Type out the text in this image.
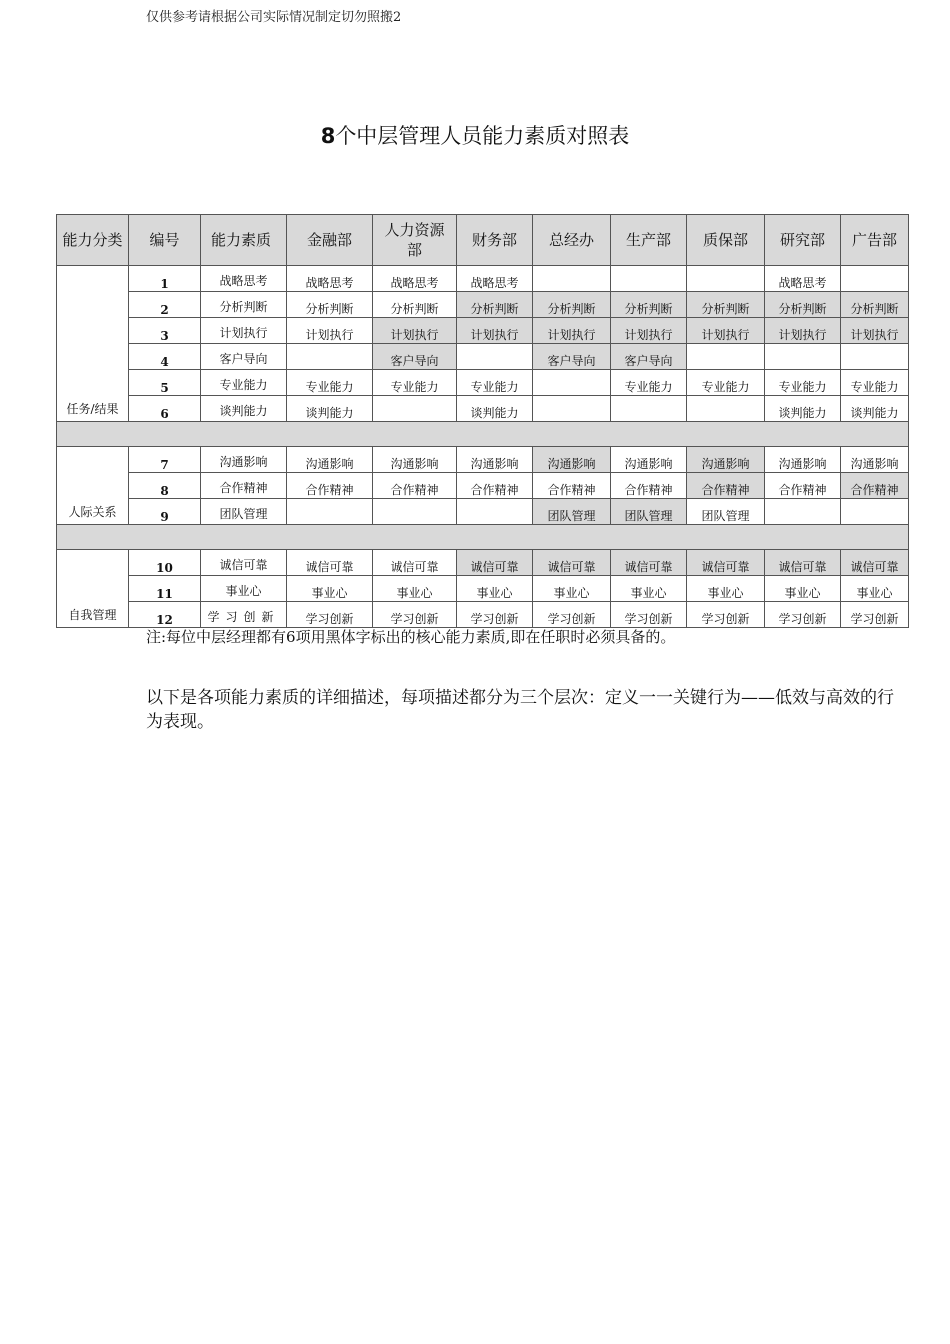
仅供参考请根据公司实际情况制定切勿照搬2
8个中层管理人员能力素质对照表
能力分类	编号	能力素质	金融部	人力资源部	财务部	总经办	生产部	质保部	研究部	广告部
任务/结果	1	战略思考	战略思考	战略思考	战略思考				战略思考	
	2	分析判断	分析判断	分析判断	分析判断	分析判断	分析判断	分析判断	分析判断	分析判断
	3	计划执行	计划执行	计划执行	计划执行	计划执行	计划执行	计划执行	计划执行	计划执行
	4	客户导向		客户导向		客户导向	客户导向			
	5	专业能力	专业能力	专业能力	专业能力		专业能力	专业能力	专业能力	专业能力
	6	谈判能力	谈判能力		谈判能力				谈判能力	谈判能力

人际关系	7	沟通影响	沟通影响	沟通影响	沟通影响	沟通影响	沟通影响	沟通影响	沟通影响	沟通影响
	8	合作精神	合作精神	合作精神	合作精神	合作精神	合作精神	合作精神	合作精神	合作精神
	9	团队管理				团队管理	团队管理	团队管理		

自我管理	10	诚信可靠	诚信可靠	诚信可靠	诚信可靠	诚信可靠	诚信可靠	诚信可靠	诚信可靠	诚信可靠
	11	事业心	事业心	事业心	事业心	事业心	事业心	事业心	事业心	事业心
	12	学习创新	学习创新	学习创新	学习创新	学习创新	学习创新	学习创新	学习创新	学习创新
注:每位中层经理都有6项用黑体字标出的核心能力素质,即在任职时必须具备的。
以下是各项能力素质的详细描述，每项描述都分为三个层次：定义一一关键行为——低效与高效的行为表现。
